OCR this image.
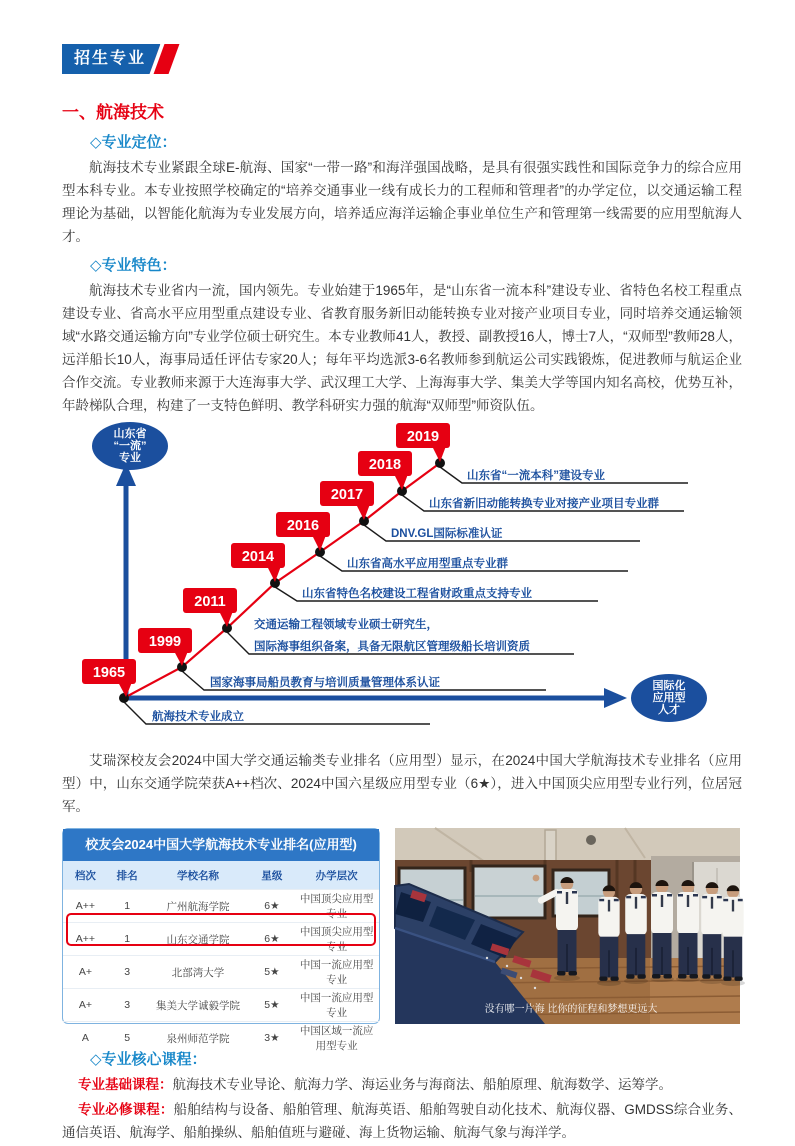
招生专业
一、航海技术
◇专业定位：

航海技术专业紧跟全球E-航海、国家“一带一路”和海洋强国战略，是具有很强实践性和国际竞争力的综合应用型本科专业。本专业按照学校确定的“培养交通事业一线有成长力的工程师和管理者”的办学定位，以交通运输工程理论为基础，以智能化航海为专业发展方向，培养适应海洋运输企事业单位生产和管理第一线需要的应用型航海人才。

◇专业特色：

航海技术专业省内一流，国内领先。专业始建于1965年，是“山东省一流本科”建设专业、省特色名校工程重点建设专业、省高水平应用型重点建设专业、省教育服务新旧动能转换专业对接产业项目专业，同时培养交通运输领域“水路交通运输方向”专业学位硕士研究生。本专业教师41人，教授、副教授16人，博士7人，“双师型”教师28人，远洋船长10人，海事局适任评估专家20人；每年平均选派3-6名教师参到航运公司实践锻炼，促进教师与航运企业合作交流。专业教师来源于大连海事大学、武汉理工大学、上海海事大学、集美大学等国内知名高校，优势互补，年龄梯队合理，构建了一支特色鲜明、教学科研实力强的航海“双师型”师资队伍。

山东省
“一流”
专业
国际化
应用型
人才
航海技术专业成立
国家海事局船员教育与培训质量管理体系认证
交通运输工程领域专业硕士研究生，
国际海事组织备案，具备无限航区管理级船长培训资质
山东省特色名校建设工程省财政重点支持专业
山东省高水平应用型重点专业群
DNV.GL国际标准认证
山东省新旧动能转换专业对接产业项目专业群
山东省“一流本科”建设专业
1965
1999
2011
2014
2016
2017
2018
2019

艾瑞深校友会2024中国大学交通运输类专业排名（应用型）显示，在2024中国大学航海技术专业排名（应用型）中，山东交通学院荣获A++档次、2024中国六星级应用型专业（6★），进入中国顶尖应用型专业行列，位居冠军。

校友会2024中国大学航海技术专业排名(应用型)
档次	排名	学校名称	星级	办学层次
A++	1	广州航海学院	6★	中国顶尖应用型专业
A++	1	山东交通学院	6★	中国顶尖应用型专业
A+	3	北部湾大学	5★	中国一流应用型专业
A+	3	集美大学诚毅学院	5★	中国一流应用型专业
A	5	泉州师范学院	3★	中国区域一流应用型专业
没有哪一片海 比你的征程和梦想更远大
◇专业核心课程：

专业基础课程：航海技术专业导论、航海力学、海运业务与海商法、船舶原理、航海数学、运筹学。

专业必修课程：船舶结构与设备、船舶管理、航海英语、船舶驾驶自动化技术、航海仪器、GMDSS综合业务、通信英语、航海学、船舶操纵、船舶值班与避碰、海上货物运输、航海气象与海洋学。
